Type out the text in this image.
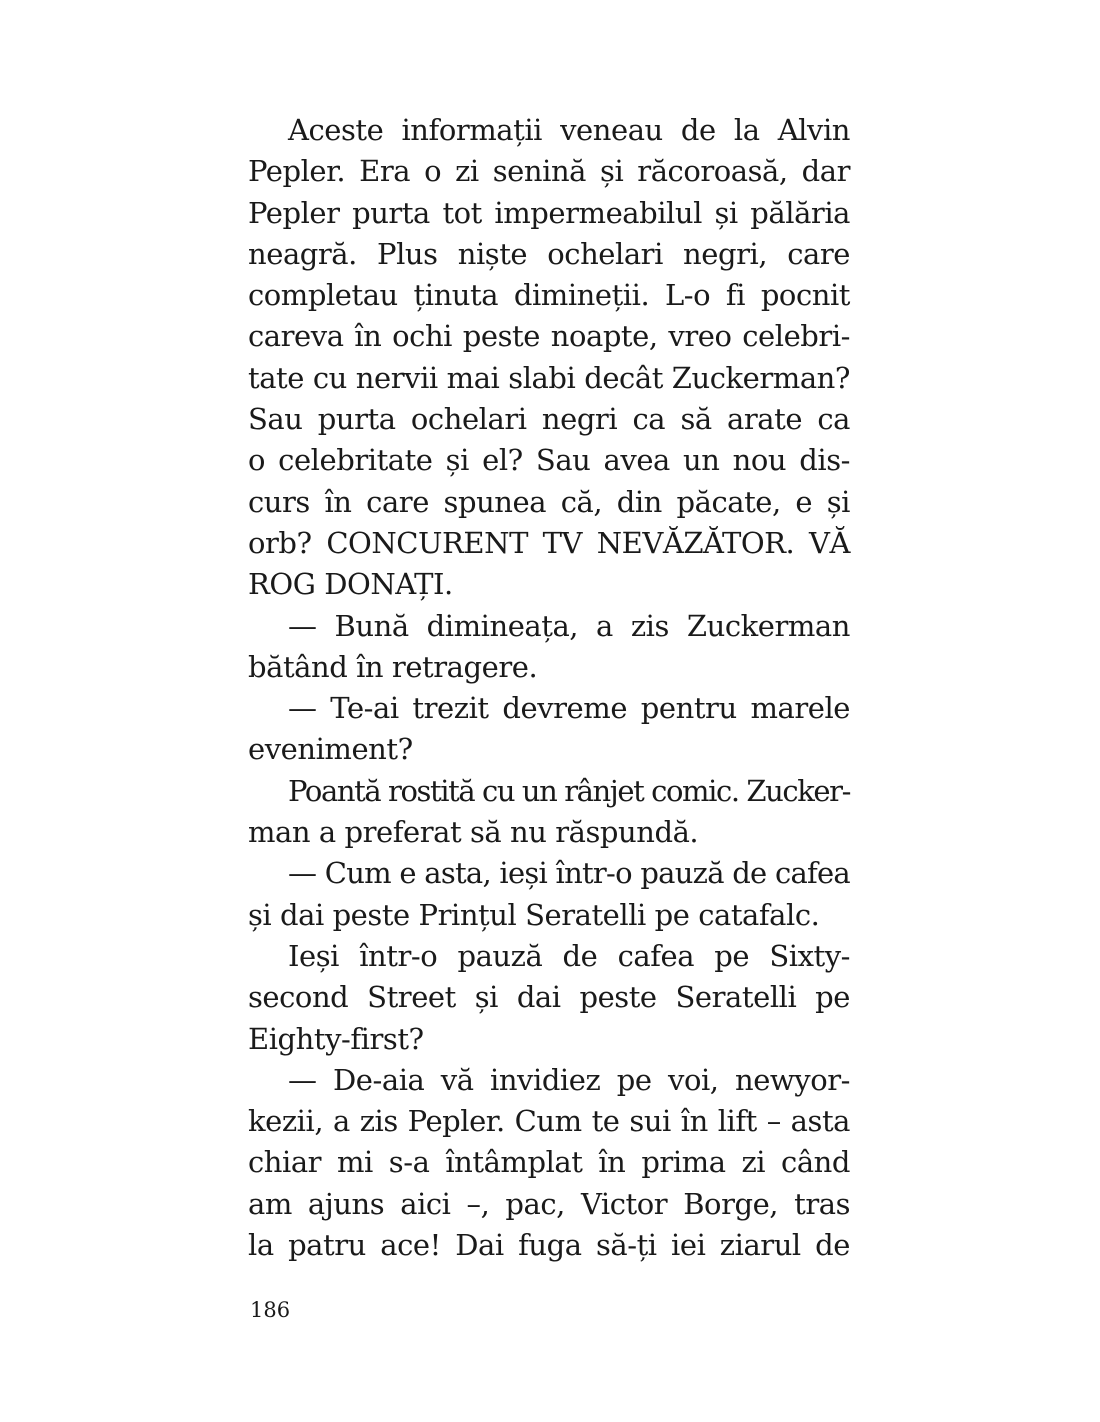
Aceste informații veneau de la Alvin
Pepler. Era o zi senină și răcoroasă, dar
Pepler purta tot impermeabilul și pălăria
neagră. Plus niște ochelari negri, care
completau ținuta dimineții. L-o fi pocnit
careva în ochi peste noapte, vreo celebri-
tate cu nervii mai slabi decât Zuckerman?
Sau purta ochelari negri ca să arate ca
o celebritate și el? Sau avea un nou dis-
curs în care spunea că, din păcate, e și
orb? CONCURENT TV NEVĂZĂTOR. VĂ
ROG DONAȚI.
— Bună dimineața, a zis Zuckerman
bătând în retragere.
— Te-ai trezit devreme pentru marele
eveniment?
Poantă rostită cu un rânjet comic. Zucker-
man a preferat să nu răspundă.
— Cum e asta, ieși într-o pauză de cafea
și dai peste Prințul Seratelli pe catafalc.
Ieși într-o pauză de cafea pe Sixty-
second Street și dai peste Seratelli pe
Eighty-first?
— De-aia vă invidiez pe voi, newyor-
kezii, a zis Pepler. Cum te sui în lift – asta
chiar mi s-a întâmplat în prima zi când
am ajuns aici –, pac, Victor Borge, tras
la patru ace! Dai fuga să-ți iei ziarul de
186
